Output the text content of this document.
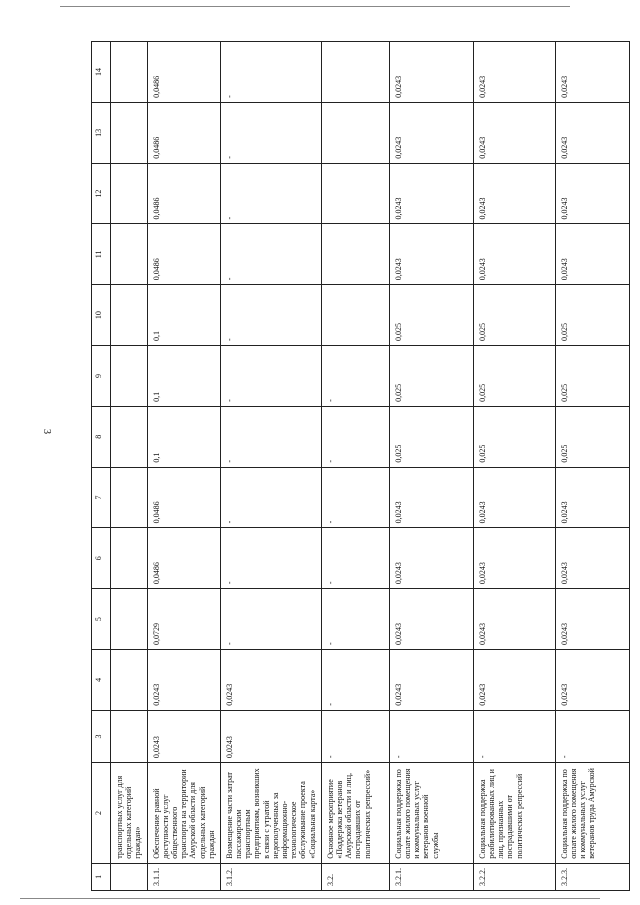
3
1	2	3	4	5	6	7	8	9	10	11	12	13	14
	транспортных услуг для отдельных категорий граждан»												
3.1.1.	Обеспечение равной доступности услуг общественного транспорта на территории Амурской области для отдельных категорий граждан	0,0243	0,0243	0,0729	0,0486	0,0486	0,1	0,1	0,1	0,0486	0,0486	0,0486	0,0486
3.1.2.	Возмещение части затрат пассажирским транспортным предприятиям, возникших в связи с утратой недополученных за информационно-технологическое обслуживание проекта «Социальная карта»	0,0243	0,0243	-	-	-	-	-	-	-	-	-	-
3.2.	Основное мероприятие «Поддержка ветеранов Амурской области и лиц, пострадавших от политических репрессий»	-	-	-	-	-	-	-					
3.2.1.	Социальная поддержка по оплате жилого помещения и коммунальных услуг ветеранов военной службы	-	0,0243	0,0243	0,0243	0,0243	0,025	0,025	0,025	0,0243	0,0243	0,0243	0,0243
3.2.2.	Социальная поддержка реабилитированных лиц и лиц, признанных пострадавшими от политических репрессий	-	0,0243	0,0243	0,0243	0,0243	0,025	0,025	0,025	0,0243	0,0243	0,0243	0,0243
3.2.3.	Социальная поддержка по оплате жилого помещения и коммунальных услуг ветеранов труда Амурской	-	0,0243	0,0243	0,0243	0,0243	0,025	0,025	0,025	0,0243	0,0243	0,0243	0,0243
